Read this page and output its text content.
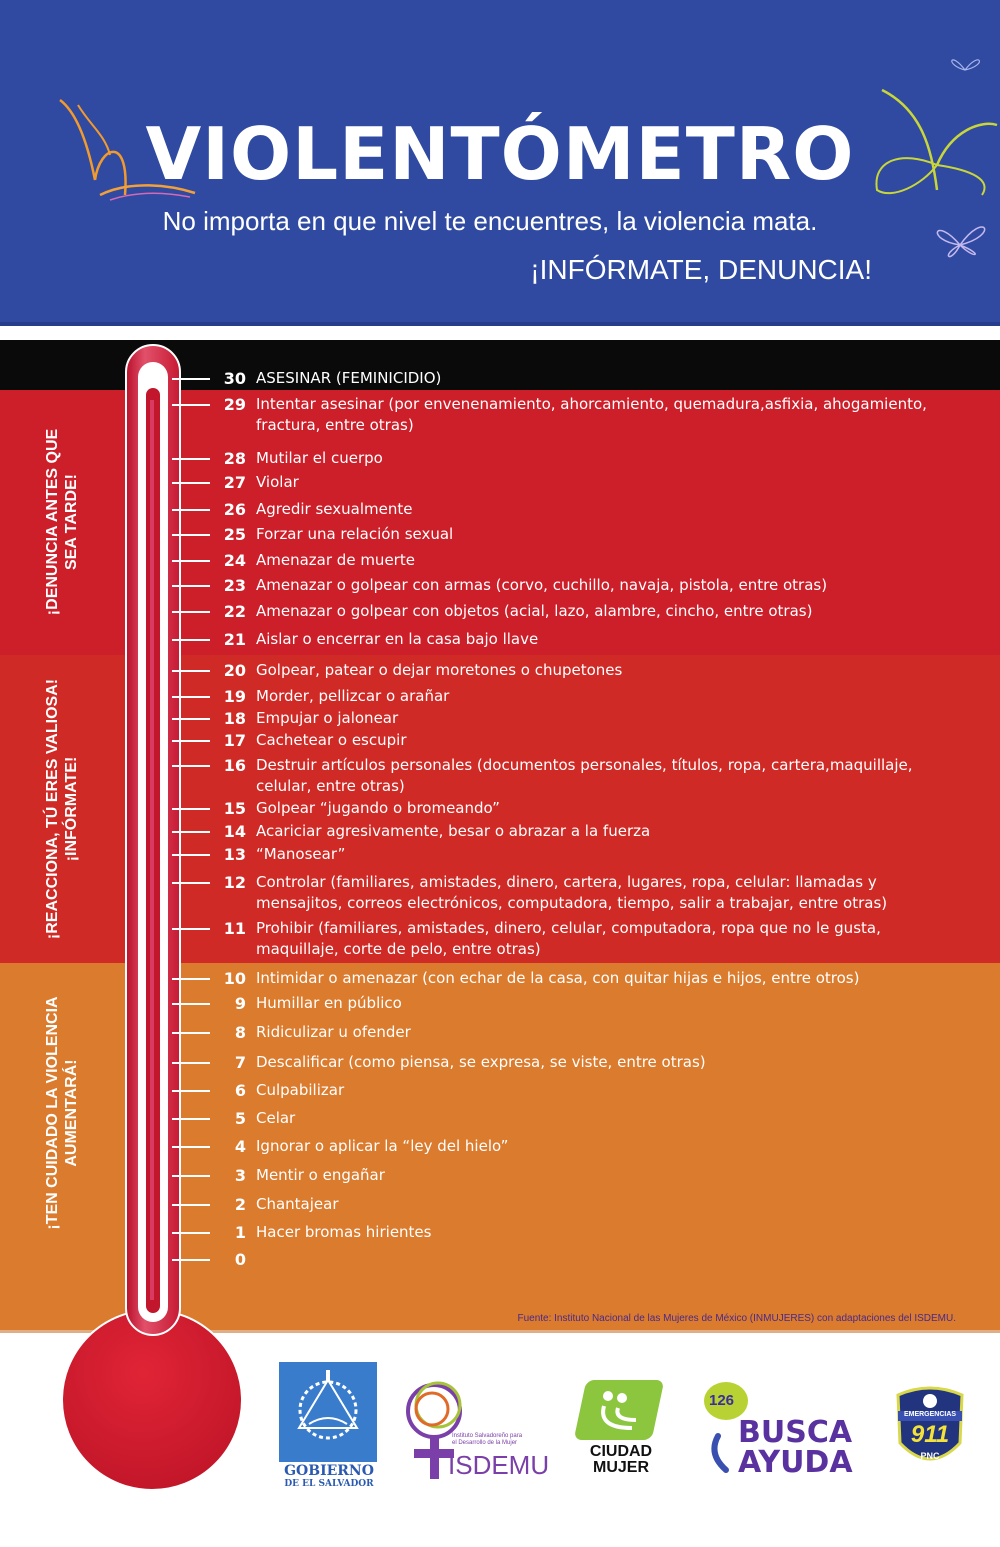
VIOLENTÓMETRO
No importa en que nivel te encuentres, la violencia mata.
¡INFÓRMATE, DENUNCIA!
¡DENUNCIA ANTES QUE SEA TARDE!
¡REACCIONA, TÚ ERES VALIOSA! ¡INFÓRMATE!
¡TEN CUIDADO LA VIOLENCIA AUMENTARÁ!
30 ASESINAR (FEMINICIDIO)
29 Intentar asesinar (por envenenamiento, ahorcamiento, quemadura,asfixia, ahogamiento,
fractura, entre otras)
28 Mutilar el cuerpo
27 Violar
26 Agredir sexualmente
25 Forzar una relación sexual
24 Amenazar de muerte
23 Amenazar o golpear con armas (corvo, cuchillo, navaja, pistola, entre otras)
22 Amenazar o golpear con objetos (acial, lazo, alambre, cincho, entre otras)
21 Aislar o encerrar en la casa bajo llave
20 Golpear, patear o dejar moretones o chupetones
19 Morder, pellizcar o arañar
18 Empujar o jalonear
17 Cachetear o escupir
16 Destruir artículos personales (documentos personales, títulos, ropa, cartera,maquillaje,
celular, entre otras)
15 Golpear “jugando o bromeando”
14 Acariciar agresivamente, besar o abrazar a la fuerza
13 “Manosear”
12 Controlar (familiares, amistades, dinero, cartera, lugares, ropa, celular: llamadas y
mensajitos, correos electrónicos, computadora, tiempo, salir a trabajar, entre otras)
11 Prohibir (familiares, amistades, dinero, celular, computadora, ropa que no le gusta,
maquillaje, corte de pelo, entre otras)
10 Intimidar o amenazar (con echar de la casa, con quitar hijas e hijos, entre otros)
9 Humillar en público
8 Ridiculizar u ofender
7 Descalificar (como piensa, se expresa, se viste, entre otras)
6 Culpabilizar
5 Celar
4 Ignorar o aplicar la “ley del hielo”
3 Mentir o engañar
2 Chantajear
1 Hacer bromas hirientes
0
Fuente: Instituto Nacional de las Mujeres de México (INMUJERES) con adaptaciones del ISDEMU.
GOBIERNO
DE EL SALVADOR
Instituto Salvadoreño para
el Desarrollo de la Mujer
ISDEMU	CIUDAD
MUJER
126
BUSCA
AYUDA
EMERGENCIAS
911
PNC
